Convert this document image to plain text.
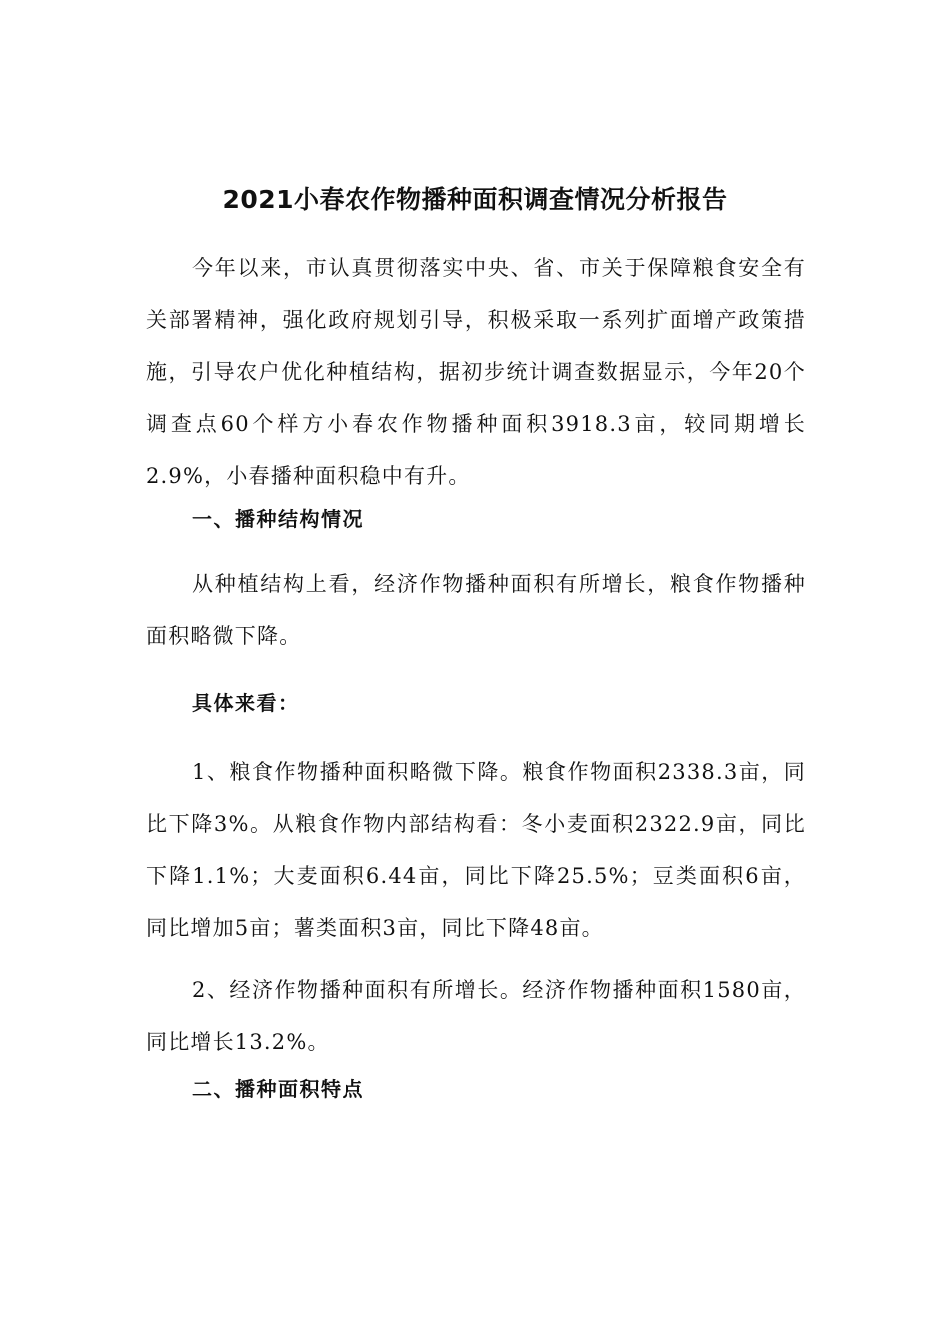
2021小春农作物播种面积调查情况分析报告
今年以来，市认真贯彻落实中央、省、市关于保障粮食安全有关部署精神，强化政府规划引导，积极采取一系列扩面增产政策措施，引导农户优化种植结构，据初步统计调查数据显示，今年20个调查点60个样方小春农作物播种面积3918.3亩，较同期增长2.9%，小春播种面积稳中有升。
一、播种结构情况
从种植结构上看，经济作物播种面积有所增长，粮食作物播种面积略微下降。
具体来看：
1、粮食作物播种面积略微下降。粮食作物面积2338.3亩，同比下降3%。从粮食作物内部结构看：冬小麦面积2322.9亩，同比下降1.1%；大麦面积6.44亩，同比下降25.5%；豆类面积6亩，同比增加5亩；薯类面积3亩，同比下降48亩。
2、经济作物播种面积有所增长。经济作物播种面积1580亩，同比增长13.2%。
二、播种面积特点
